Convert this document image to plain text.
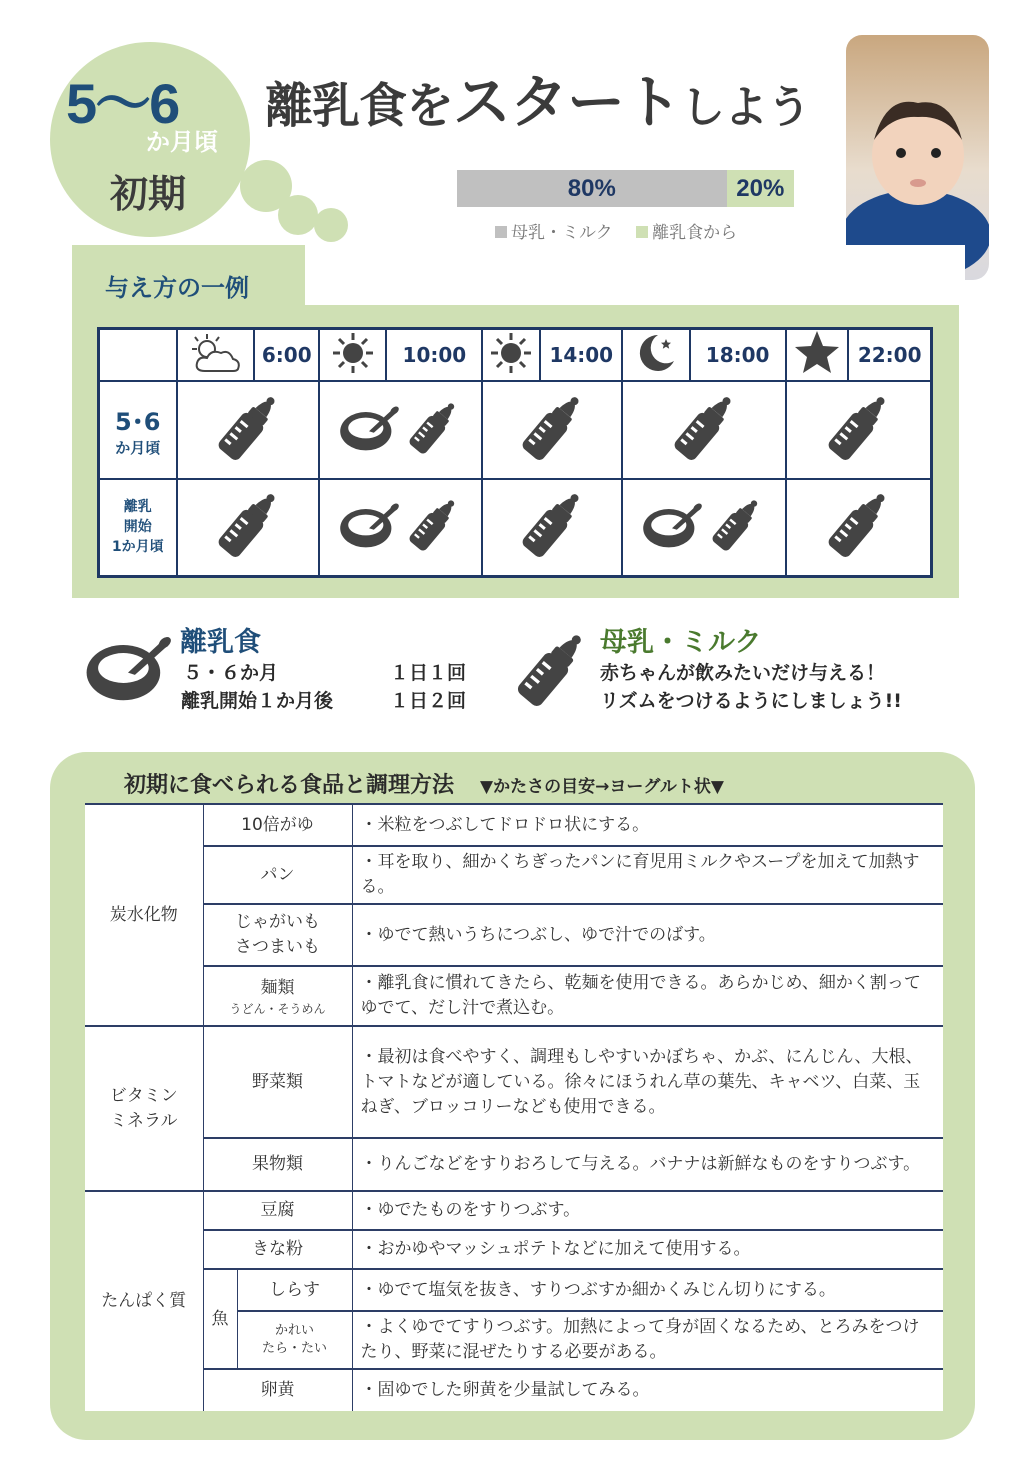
5〜6
か月頃
初期
離乳食をスタートしよう
80%	20%
母乳・ミルク 離乳食から
与え方の一例
		6:00		10:00		14:00		18:00		22:00

5･6
か月頃

離乳
開始
1か月頃

離乳食
５・６か月	１日１回
離乳開始１か月後	１日２回
母乳・ミルク
赤ちゃんが飲みたいだけ与える！
リズムをつけるようにしましょう!!
初期に食べられる食品と調理方法 ▼かたさの目安→ヨーグルト状▼
炭水化物	10倍がゆ		・米粒をつぶしてドロドロ状にする。
	パン		・耳を取り、細かくちぎったパンに育児用ミルクやスープを加えて加熱する。
	じゃがいも
さつまいも		・ゆでて熱いうちにつぶし、ゆで汁でのばす。
	麺類
うどん・そうめん		・離乳食に慣れてきたら、乾麺を使用できる。あらかじめ、細かく割ってゆでて、だし汁で煮込む。
ビタミン
ミネラル	野菜類		・最初は食べやすく、調理もしやすいかぼちゃ、かぶ、にんじん、大根、トマトなどが適している。徐々にほうれん草の葉先、キャベツ、白菜、玉ねぎ、ブロッコリーなども使用できる。
	果物類		・りんごなどをすりおろして与える。バナナは新鮮なものをすりつぶす。
たんぱく質	豆腐		・ゆでたものをすりつぶす。
	きな粉		・おかゆやマッシュポテトなどに加えて使用する。
	魚	しらす	・ゆでて塩気を抜き、すりつぶすか細かくみじん切りにする。
		かれい
たら・たい	・よくゆでてすりつぶす。加熱によって身が固くなるため、とろみをつけたり、野菜に混ぜたりする必要がある。
	卵黄		・固ゆでした卵黄を少量試してみる。
